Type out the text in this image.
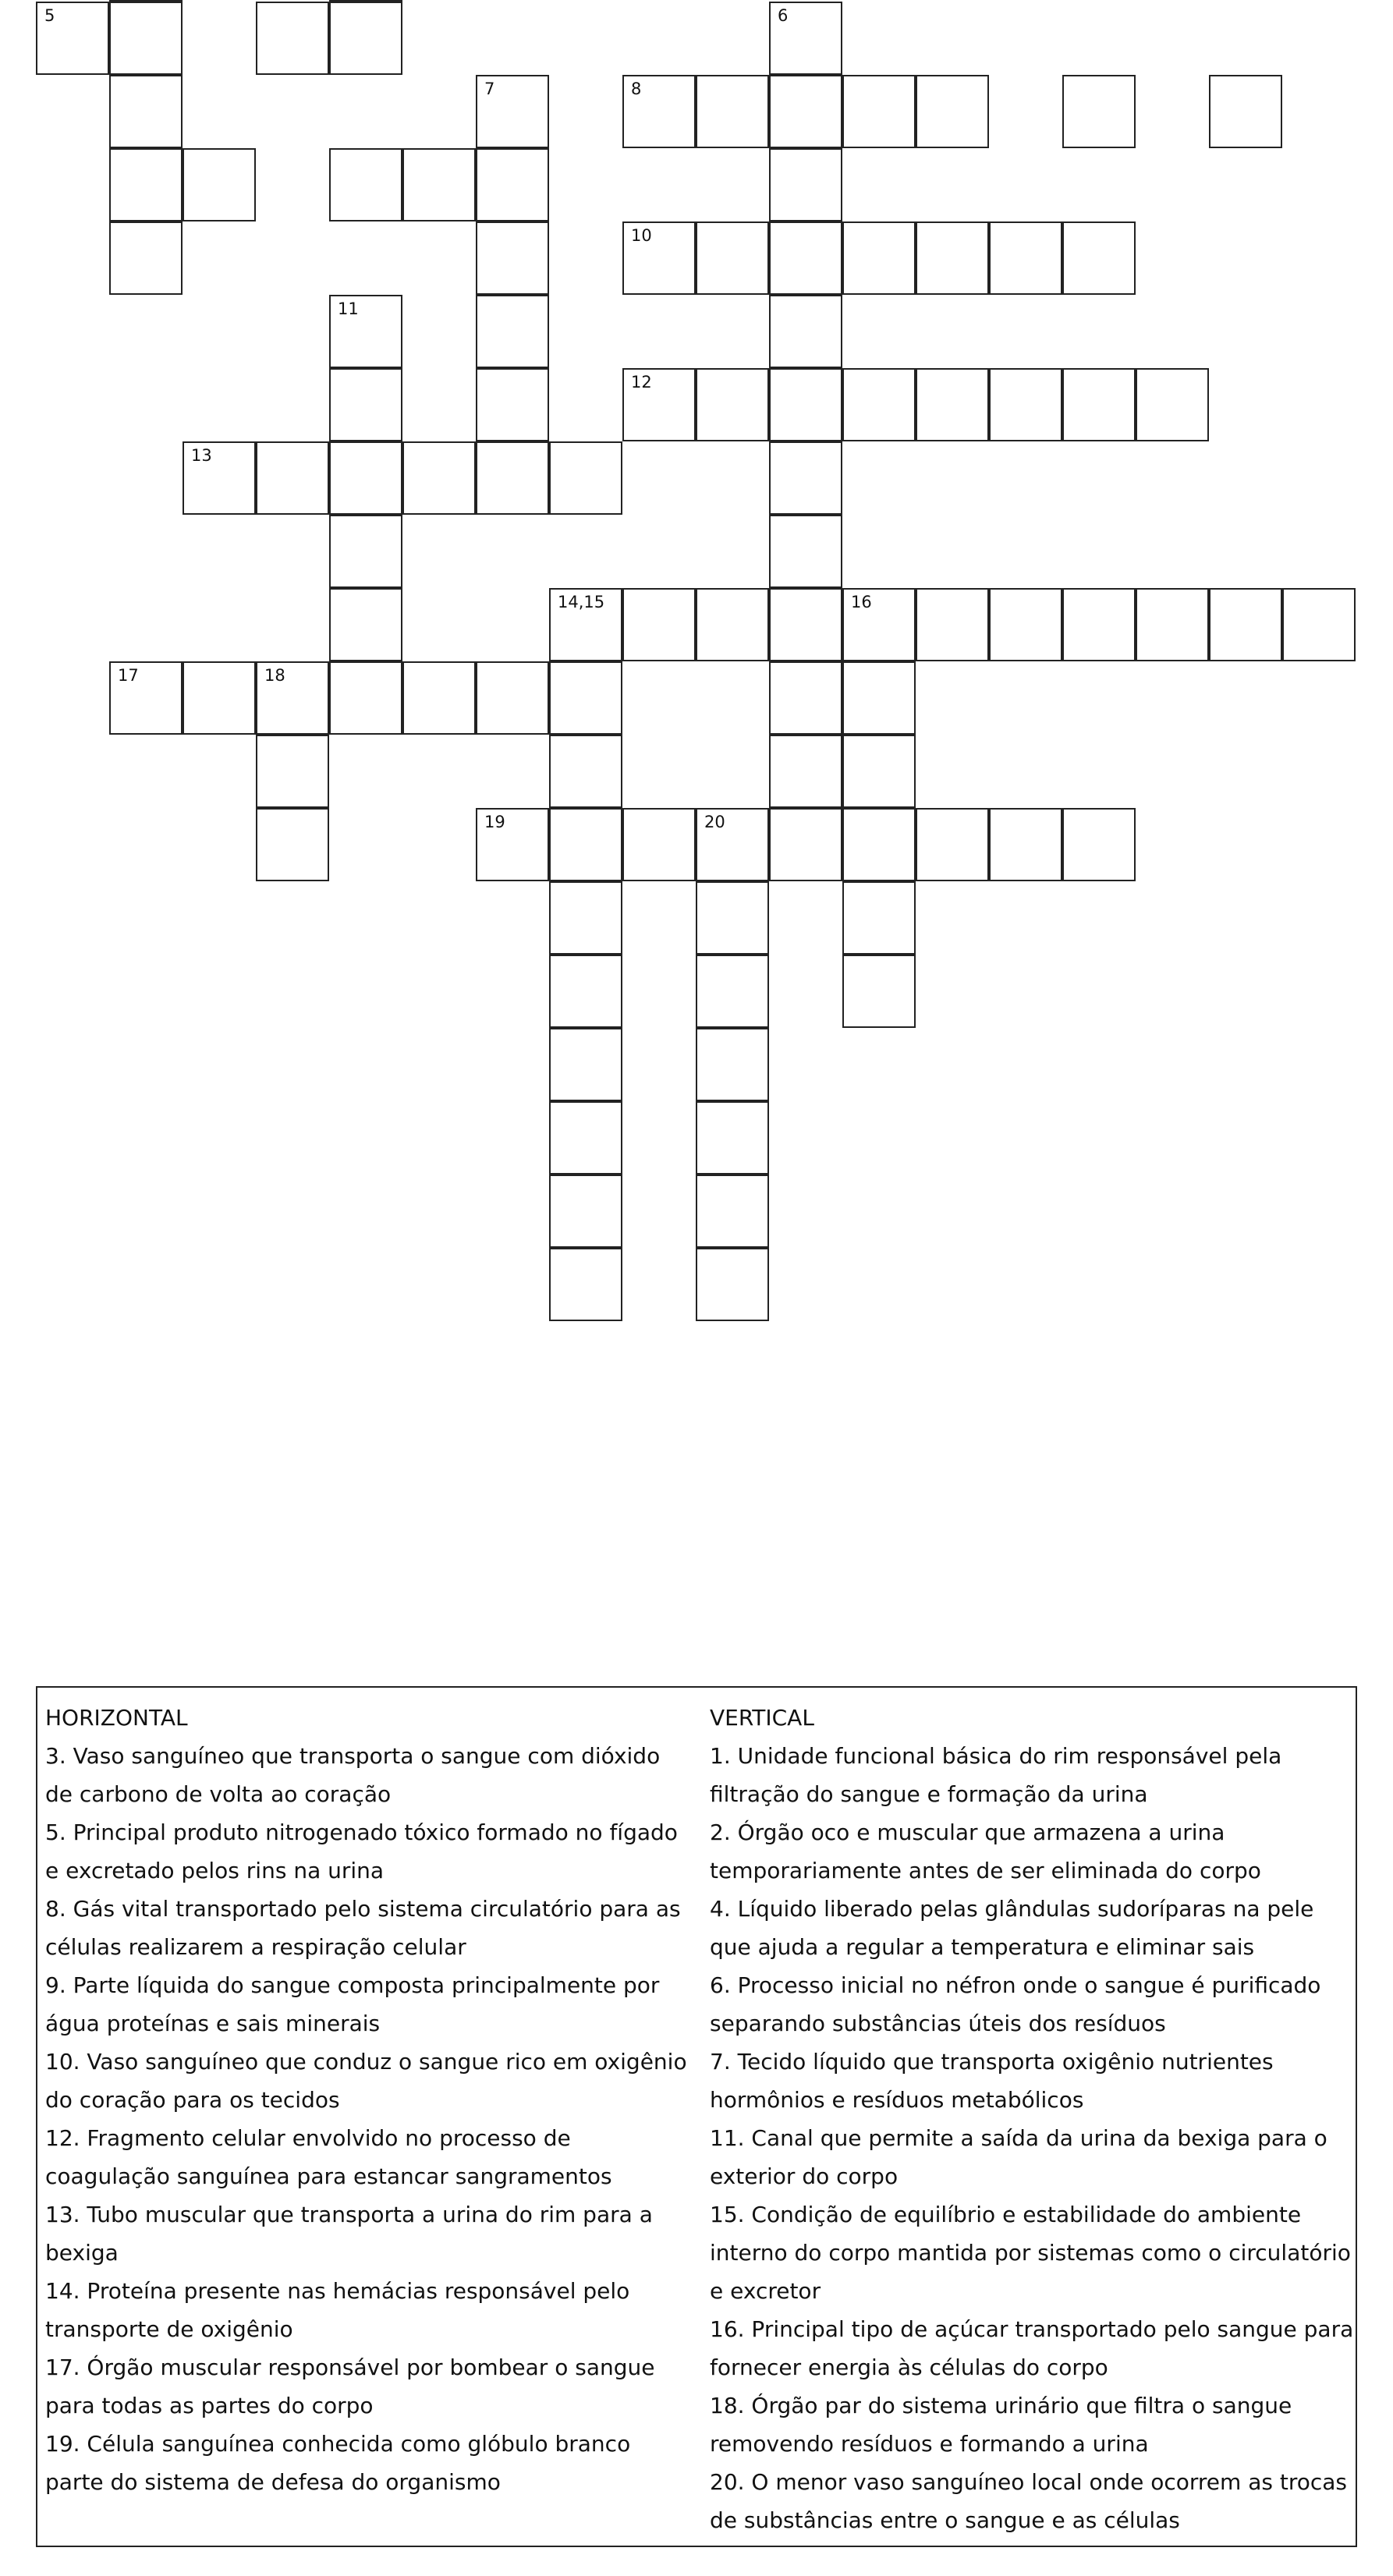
5	6
7	8
10
11
12
13
14,15	16
17	18
19	20
HORIZONTAL
3. Vaso sanguíneo que transporta o sangue com dióxido de carbono de volta ao coração
5. Principal produto nitrogenado tóxico formado no fígado e excretado pelos rins na urina
8. Gás vital transportado pelo sistema circulatório para as células realizarem a respiração celular
9. Parte líquida do sangue composta principalmente por água proteínas e sais minerais
10. Vaso sanguíneo que conduz o sangue rico em oxigênio do coração para os tecidos
12. Fragmento celular envolvido no processo de coagulação sanguínea para estancar sangramentos
13. Tubo muscular que transporta a urina do rim para a bexiga
14. Proteína presente nas hemácias responsável pelo transporte de oxigênio
17. Órgão muscular responsável por bombear o sangue para todas as partes do corpo
19. Célula sanguínea conhecida como glóbulo branco parte do sistema de defesa do organismo
VERTICAL
1. Unidade funcional básica do rim responsável pela filtração do sangue e formação da urina
2. Órgão oco e muscular que armazena a urina temporariamente antes de ser eliminada do corpo
4. Líquido liberado pelas glândulas sudoríparas na pele que ajuda a regular a temperatura e eliminar sais
6. Processo inicial no néfron onde o sangue é purificado separando substâncias úteis dos resíduos
7. Tecido líquido que transporta oxigênio nutrientes hormônios e resíduos metabólicos
11. Canal que permite a saída da urina da bexiga para o exterior do corpo
15. Condição de equilíbrio e estabilidade do ambiente interno do corpo mantida por sistemas como o circulatório e excretor
16. Principal tipo de açúcar transportado pelo sangue para fornecer energia às células do corpo
18. Órgão par do sistema urinário que filtra o sangue removendo resíduos e formando a urina
20. O menor vaso sanguíneo local onde ocorrem as trocas de substâncias entre o sangue e as células
